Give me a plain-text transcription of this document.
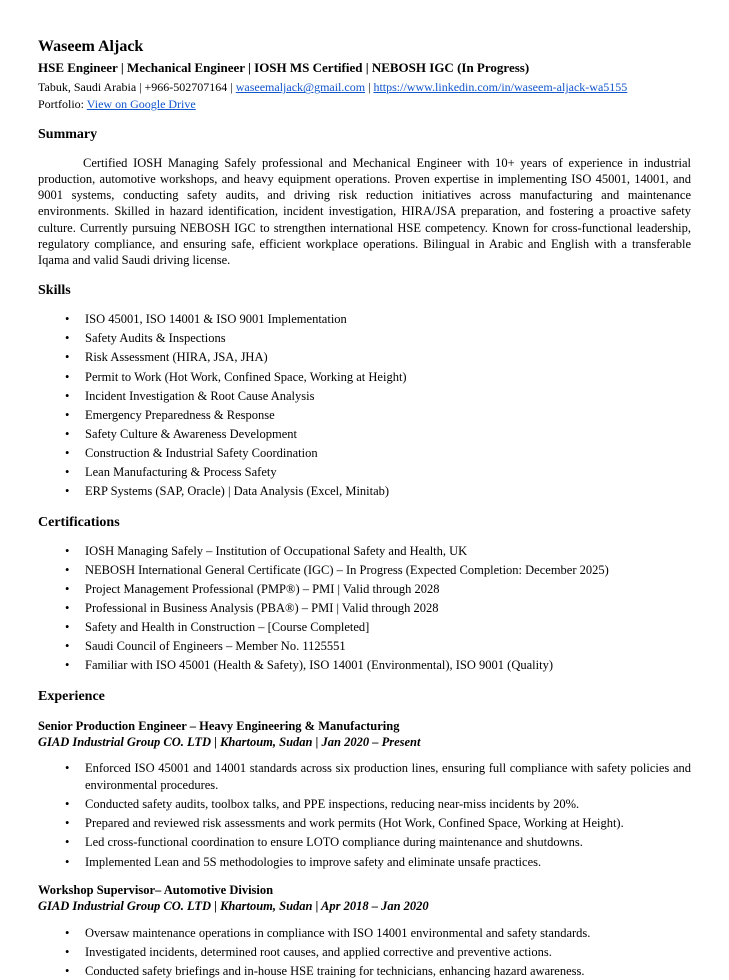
Waseem Aljack

HSE Engineer | Mechanical Engineer | IOSH MS Certified | NEBOSH IGC (In Progress)

Tabuk, Saudi Arabia | +966-502707164 | waseemaljack@gmail.com | https://www.linkedin.com/in/waseem-aljack-wa5155

Portfolio: View on Google Drive

Summary

Certified IOSH Managing Safely professional and Mechanical Engineer with 10+ years of experience in industrial production, automotive workshops, and heavy equipment operations. Proven expertise in implementing ISO 45001, 14001, and 9001 systems, conducting safety audits, and driving risk reduction initiatives across manufacturing and maintenance environments. Skilled in hazard identification, incident investigation, HIRA/JSA preparation, and fostering a proactive safety culture. Currently pursuing NEBOSH IGC to strengthen international HSE competency. Known for cross-functional leadership, regulatory compliance, and ensuring safe, efficient workplace operations. Bilingual in Arabic and English with a transferable Iqama and valid Saudi driving license.

Skills
• ISO 45001, ISO 14001 & ISO 9001 Implementation
• Safety Audits & Inspections
• Risk Assessment (HIRA, JSA, JHA)
• Permit to Work (Hot Work, Confined Space, Working at Height)
• Incident Investigation & Root Cause Analysis
• Emergency Preparedness & Response
• Safety Culture & Awareness Development
• Construction & Industrial Safety Coordination
• Lean Manufacturing & Process Safety
• ERP Systems (SAP, Oracle) | Data Analysis (Excel, Minitab)
Certifications
• IOSH Managing Safely – Institution of Occupational Safety and Health, UK
• NEBOSH International General Certificate (IGC) – In Progress (Expected Completion: December 2025)
• Project Management Professional (PMP®) – PMI | Valid through 2028
• Professional in Business Analysis (PBA®) – PMI | Valid through 2028
• Safety and Health in Construction – [Course Completed]
• Saudi Council of Engineers – Member No. 1125551
• Familiar with ISO 45001 (Health & Safety), ISO 14001 (Environmental), ISO 9001 (Quality)
Experience

Senior Production Engineer – Heavy Engineering & Manufacturing

GIAD Industrial Group CO. LTD | Khartoum, Sudan | Jan 2020 – Present

• Enforced ISO 45001 and 14001 standards across six production lines, ensuring full compliance with safety policies and environmental procedures.
• Conducted safety audits, toolbox talks, and PPE inspections, reducing near-miss incidents by 20%.
• Prepared and reviewed risk assessments and work permits (Hot Work, Confined Space, Working at Height).
• Led cross-functional coordination to ensure LOTO compliance during maintenance and shutdowns.
• Implemented Lean and 5S methodologies to improve safety and eliminate unsafe practices.

Workshop Supervisor– Automotive Division

GIAD Industrial Group CO. LTD | Khartoum, Sudan | Apr 2018 – Jan 2020

• Oversaw maintenance operations in compliance with ISO 14001 environmental and safety standards.
• Investigated incidents, determined root causes, and applied corrective and preventive actions.
• Conducted safety briefings and in-house HSE training for technicians, enhancing hazard awareness.
